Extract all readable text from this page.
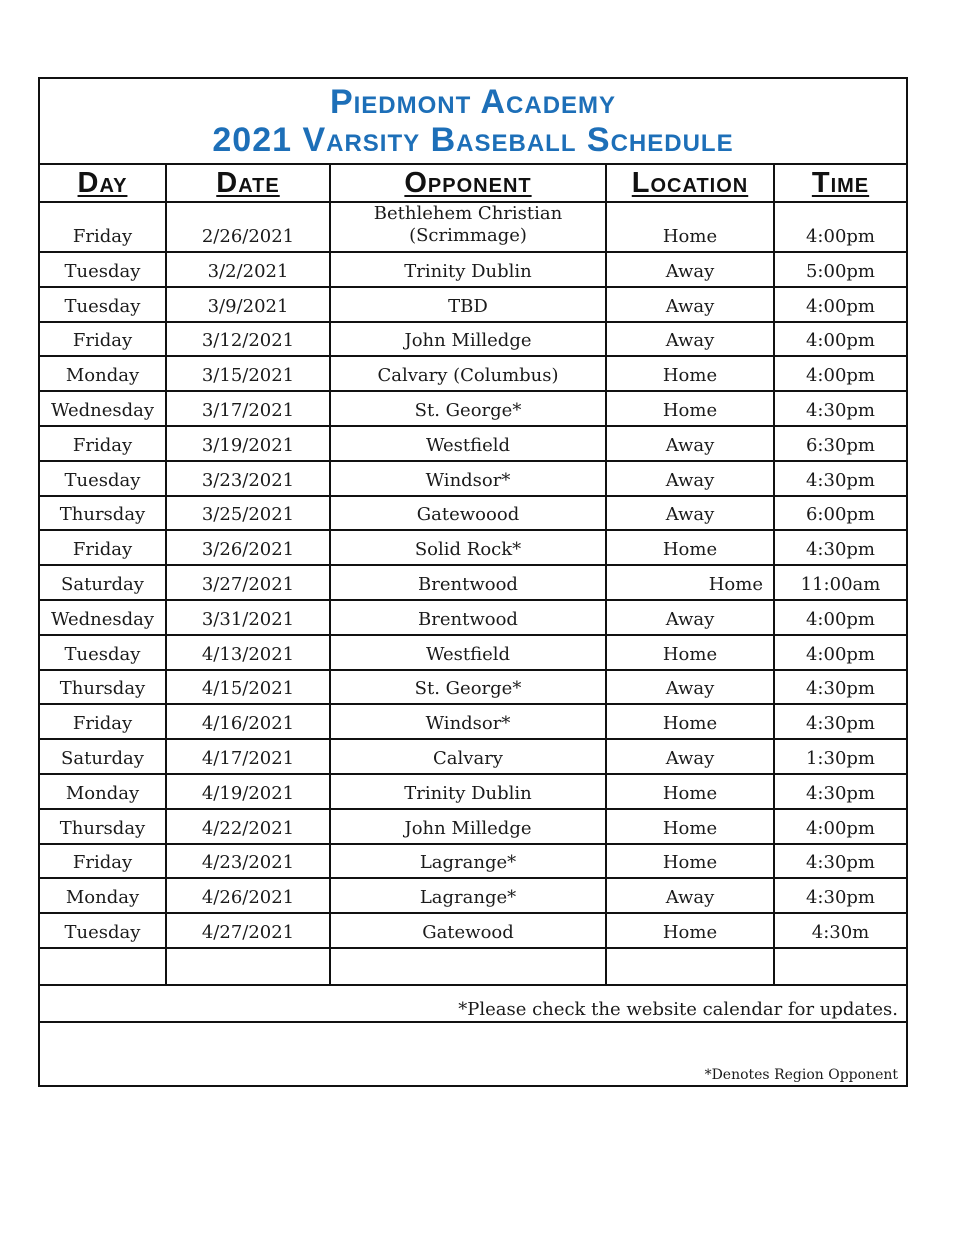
Piedmont Academy
2021 Varsity Baseball Schedule
Day	Date	Opponent	Location	Time
Friday	2/26/2021	Bethlehem Christian (Scrimmage)	Home	4:00pm
Tuesday	3/2/2021	Trinity Dublin	Away	5:00pm
Tuesday	3/9/2021	TBD	Away	4:00pm
Friday	3/12/2021	John Milledge	Away	4:00pm
Monday	3/15/2021	Calvary (Columbus)	Home	4:00pm
Wednesday	3/17/2021	St. George*	Home	4:30pm
Friday	3/19/2021	Westfield	Away	6:30pm
Tuesday	3/23/2021	Windsor*	Away	4:30pm
Thursday	3/25/2021	Gatewoood	Away	6:00pm
Friday	3/26/2021	Solid Rock*	Home	4:30pm
Saturday	3/27/2021	Brentwood	Home	11:00am
Wednesday	3/31/2021	Brentwood	Away	4:00pm
Tuesday	4/13/2021	Westfield	Home	4:00pm
Thursday	4/15/2021	St. George*	Away	4:30pm
Friday	4/16/2021	Windsor*	Home	4:30pm
Saturday	4/17/2021	Calvary	Away	1:30pm
Monday	4/19/2021	Trinity Dublin	Home	4:30pm
Thursday	4/22/2021	John Milledge	Home	4:00pm
Friday	4/23/2021	Lagrange*	Home	4:30pm
Monday	4/26/2021	Lagrange*	Away	4:30pm
Tuesday	4/27/2021	Gatewood	Home	4:30m

*Please check the website calendar for updates.
*Denotes Region Opponent
